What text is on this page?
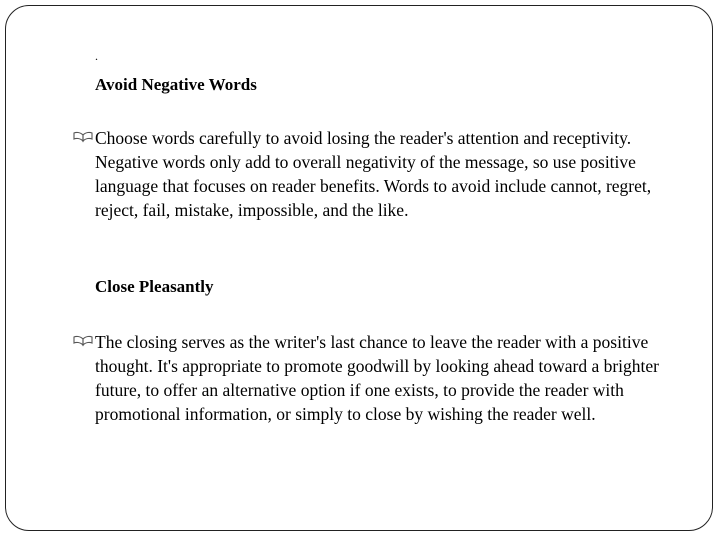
.
Avoid Negative Words
Choose words carefully to avoid losing the reader's attention and receptivity. Negative words only add to overall negativity of the message, so use positive language that focuses on reader benefits. Words to avoid include cannot, regret, reject, fail, mistake, impossible, and the like.
Close Pleasantly
The closing serves as the writer's last chance to leave the reader with a positive thought. It's appropriate to promote goodwill by looking ahead toward a brighter future, to offer an alternative option if one exists, to provide the reader with promotional information, or simply to close by wishing the reader well.
